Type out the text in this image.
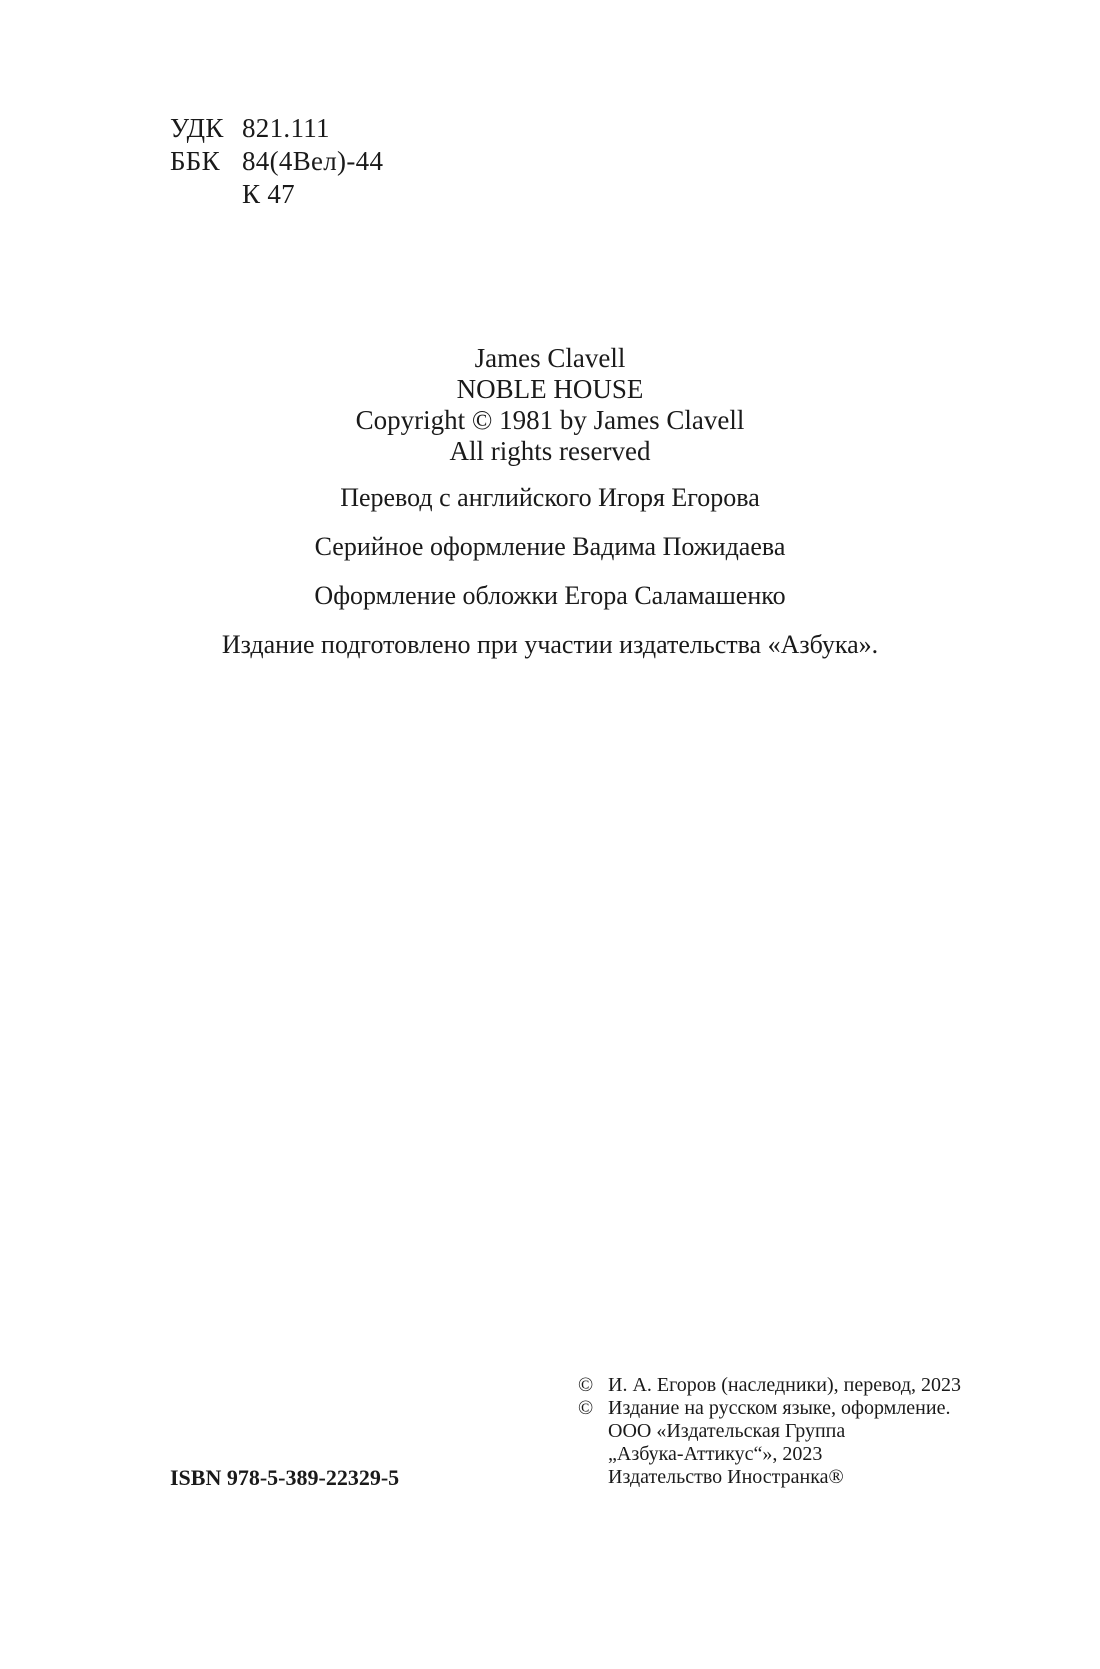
УДК 821.111
ББК 84(4Вел)-44
К 47
James Clavell
NOBLE HOUSE
Copyright © 1981 by James Clavell
All rights reserved
Перевод с английского Игоря Егорова
Серийное оформление Вадима Пожидаева
Оформление обложки Егора Саламашенко
Издание подготовлено при участии издательства «Азбука».
© И. А. Егоров (наследники), перевод, 2023
© Издание на русском языке, оформление.
ООО «Издательская Группа
„Азбука-Аттикус“», 2023
Издательство Иностранка®
ISBN 978-5-389-22329-5
